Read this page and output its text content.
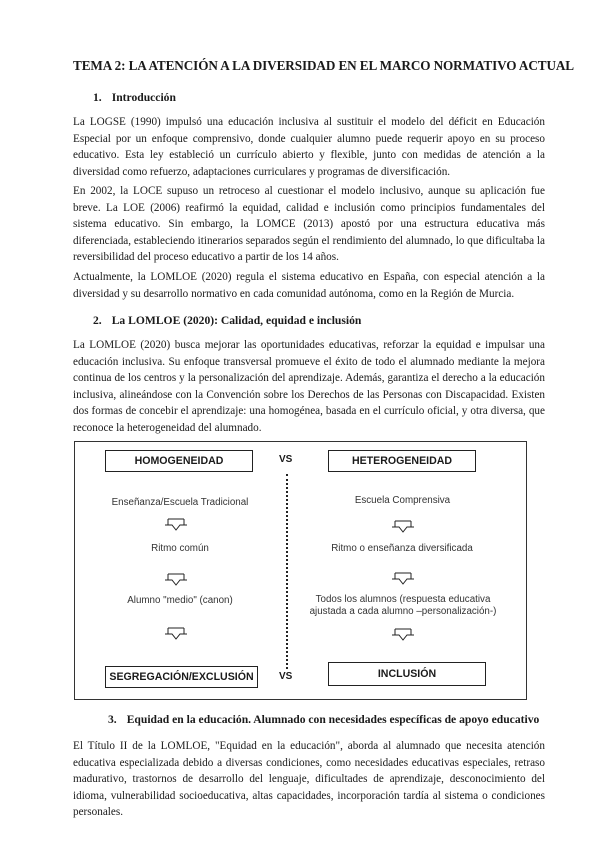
TEMA 2: LA ATENCIÓN A LA DIVERSIDAD EN EL MARCO NORMATIVO ACTUAL
1. Introducción
La LOGSE (1990) impulsó una educación inclusiva al sustituir el modelo del déficit en Educación Especial por un enfoque comprensivo, donde cualquier alumno puede requerir apoyo en su proceso educativo. Esta ley estableció un currículo abierto y flexible, junto con medidas de atención a la diversidad como refuerzo, adaptaciones curriculares y programas de diversificación.
En 2002, la LOCE supuso un retroceso al cuestionar el modelo inclusivo, aunque su aplicación fue breve. La LOE (2006) reafirmó la equidad, calidad e inclusión como principios fundamentales del sistema educativo. Sin embargo, la LOMCE (2013) apostó por una estructura educativa más diferenciada, estableciendo itinerarios separados según el rendimiento del alumnado, lo que dificultaba la reversibilidad del proceso educativo a partir de los 14 años.
Actualmente, la LOMLOE (2020) regula el sistema educativo en España, con especial atención a la diversidad y su desarrollo normativo en cada comunidad autónoma, como en la Región de Murcia.
2. La LOMLOE (2020): Calidad, equidad e inclusión
La LOMLOE (2020) busca mejorar las oportunidades educativas, reforzar la equidad e impulsar una educación inclusiva. Su enfoque transversal promueve el éxito de todo el alumnado mediante la mejora continua de los centros y la personalización del aprendizaje. Además, garantiza el derecho a la educación inclusiva, alineándose con la Convención sobre los Derechos de las Personas con Discapacidad. Existen dos formas de concebir el aprendizaje: una homogénea, basada en el currículo oficial, y otra diversa, que reconoce la heterogeneidad del alumnado.
HOMOGENEIDAD	VS	HETEROGENEIDAD
Enseñanza/Escuela Tradicional
Ritmo común
Alumno "medio" (canon)
Escuela Comprensiva
Ritmo o enseñanza diversificada
Todos los alumnos (respuesta educativa ajustada a cada alumno –personalización-)
SEGREGACIÓN/EXCLUSIÓN	VS	INCLUSIÓN
3. Equidad en la educación. Alumnado con necesidades específicas de apoyo educativo
El Título II de la LOMLOE, "Equidad en la educación", aborda al alumnado que necesita atención educativa especializada debido a diversas condiciones, como necesidades educativas especiales, retraso madurativo, trastornos de desarrollo del lenguaje, dificultades de aprendizaje, desconocimiento del idioma, vulnerabilidad socioeducativa, altas capacidades, incorporación tardía al sistema o condiciones personales.
